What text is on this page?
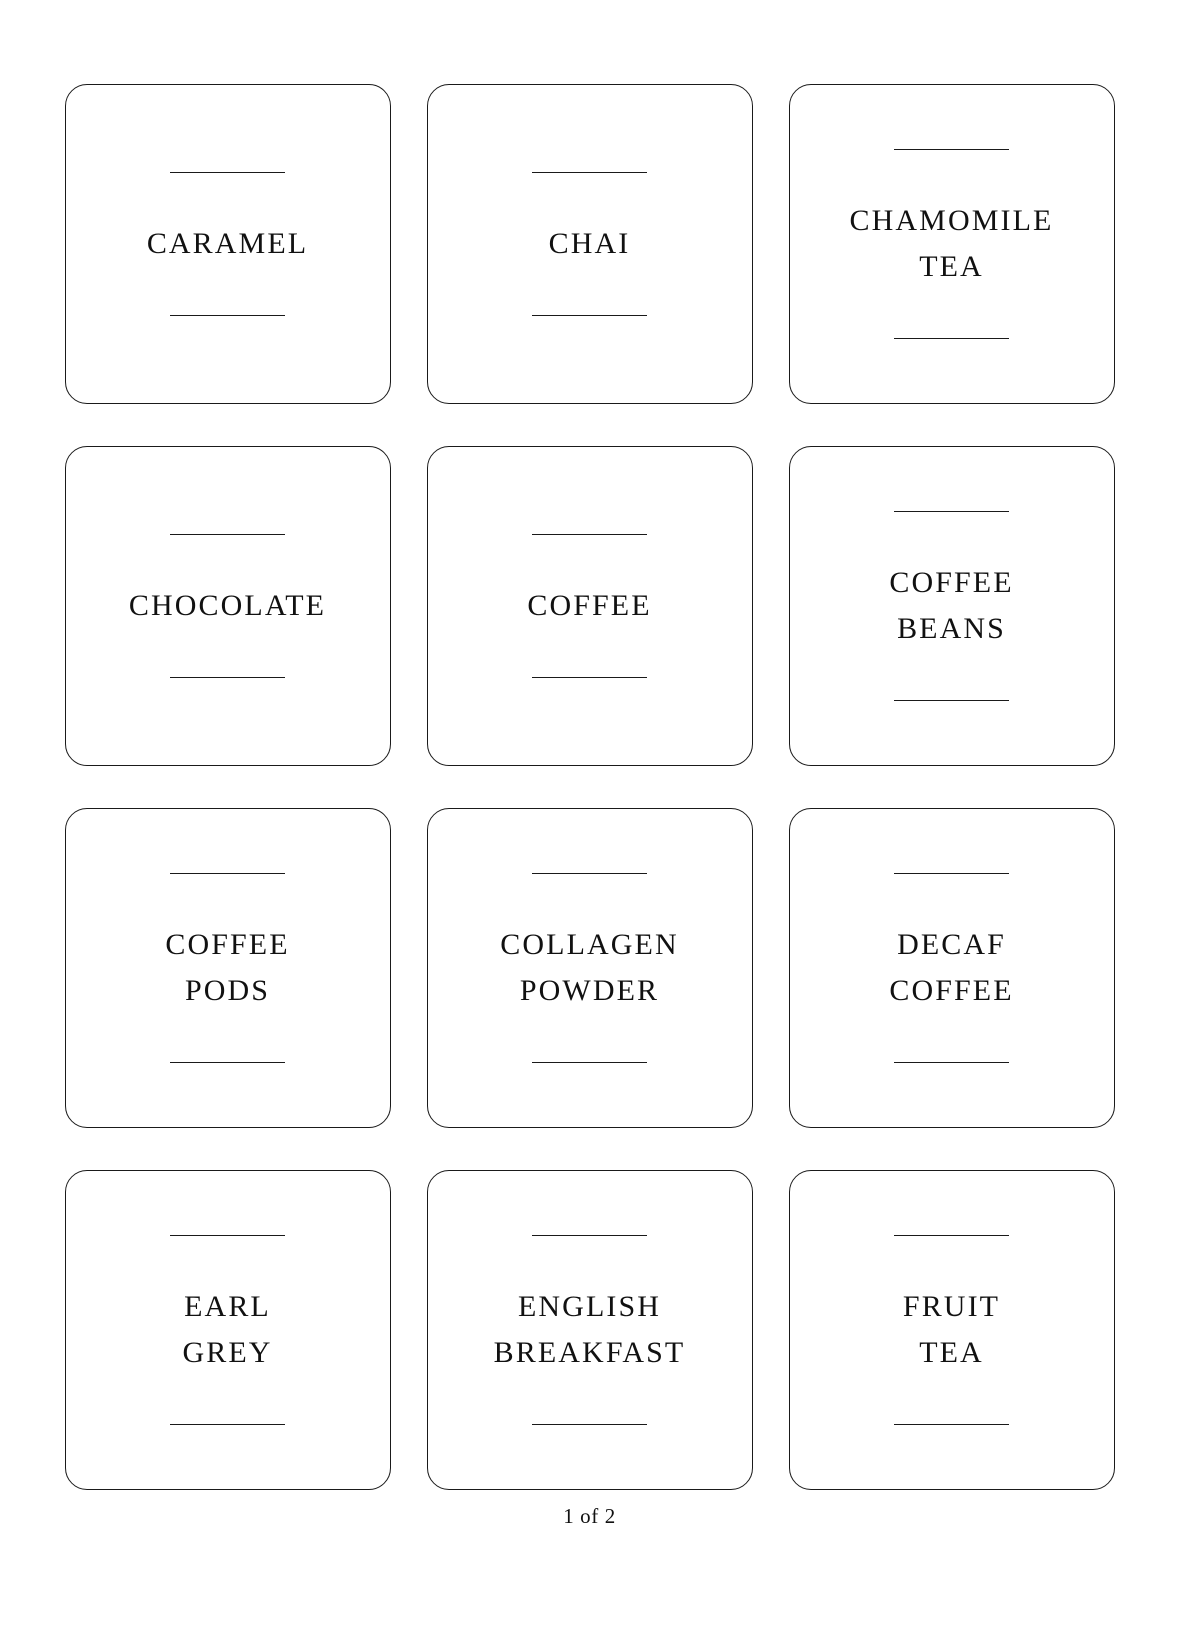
CARAMEL	CHAI
CHAMOMILE
TEA
CHOCOLATE	COFFEE
COFFEE
BEANS
COFFEE
PODS
COLLAGEN
POWDER
DECAF
COFFEE
EARL
GREY
ENGLISH
BREAKFAST
FRUIT
TEA
1 of 2
